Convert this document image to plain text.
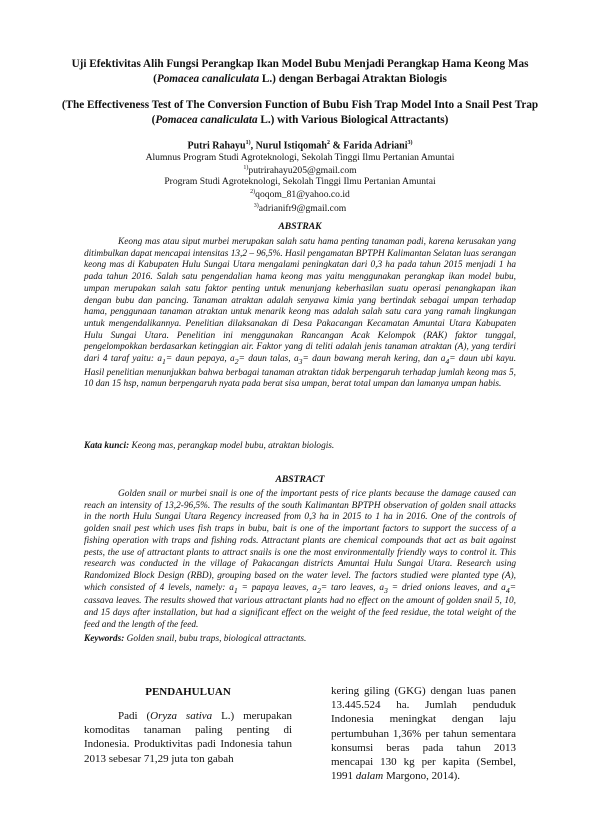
Uji Efektivitas Alih Fungsi Perangkap Ikan Model Bubu Menjadi Perangkap Hama Keong Mas (Pomacea canaliculata L.) dengan Berbagai Atraktan Biologis
(The Effectiveness Test of The Conversion Function of Bubu Fish Trap Model Into a Snail Pest Trap (Pomacea canaliculata L.) with Various Biological Attractants)
Putri Rahayu$^{1)}$, Nurul Istiqomah$^2$ & Farida Adriani$^{3)}$
Alumnus Program Studi Agroteknologi, Sekolah Tinggi Ilmu Pertanian Amuntai
$^{1)}$putrirahayu205@gmail.com
Program Studi Agroteknologi, Sekolah Tinggi Ilmu Pertanian Amuntai
$^{2)}$qoqom_81@yahoo.co.id
$^{3)}$adrianifr9@gmail.com
ABSTRAK

Keong mas atau siput murbei merupakan salah satu hama penting tanaman padi, karena kerusakan yang ditimbulkan dapat mencapai intensitas 13,2 – 96,5%. Hasil pengamatan BPTPH Kalimantan Selatan luas serangan keong mas di Kabupaten Hulu Sungai Utara mengalami peningkatan dari 0,3 ha pada tahun 2015 menjadi 1 ha pada tahun 2016. Salah satu pengendalian hama keong mas yaitu menggunakan perangkap ikan model bubu, umpan merupakan salah satu faktor penting untuk menunjang keberhasilan suatu operasi penangkapan ikan dengan bubu dan pancing. Tanaman atraktan adalah senyawa kimia yang bertindak sebagai umpan terhadap hama, penggunaan tanaman atraktan untuk menarik keong mas adalah salah satu cara yang ramah lingkungan untuk mengendalikannya. Penelitian dilaksanakan di Desa Pakacangan Kecamatan Amuntai Utara Kabupaten Hulu Sungai Utara. Penelitian ini menggunakan Rancangan Acak Kelompok (RAK) faktor tunggal, pengelompokkan berdasarkan ketinggian air. Faktor yang di teliti adalah jenis tanaman atraktan (A), yang terdiri dari 4 taraf yaitu: $a_1=$ daun pepaya, $a_2=$ daun talas, $a_3=$ daun bawang merah kering, dan $a_4=$ daun ubi kayu. Hasil penelitian menunjukkan bahwa berbagai tanaman atraktan tidak berpengaruh terhadap jumlah keong mas 5, 10 dan 15 hsp, namun berpengaruh nyata pada berat sisa umpan, berat total umpan dan lamanya umpan habis.

Kata kunci: Keong mas, perangkap model bubu, atraktan biologis.
ABSTRACT

Golden snail or murbei snail is one of the important pests of rice plants because the damage caused can reach an intensity of 13,2-96,5%. The results of the south Kalimantan BPTPH observation of golden snail attacks in the north Hulu Sungai Utara Regency increased from 0,3 ha in 2015 to 1 ha in 2016. One of the controls of golden snail pest which uses fish traps in bubu, bait is one of the important factors to support the success of a fishing operation with traps and fishing rods. Attractant plants are chemical compounds that act as bait against pests, the use of attractant plants to attract snails is one the most environmentally friendly ways to control it. This research was conducted in the village of Pakacangan districts Amuntai Hulu Sungai Utara. Research using Randomized Block Design (RBD), grouping based on the water level. The factors studied were planted type (A), which consisted of 4 levels, namely: $a_1$ = papaya leaves, $a_2=$ taro leaves, $a_3$ = dried onions leaves, and $a_4=$ cassava leaves. The results showed that various attractant plants had no effect on the amount of golden snail 5, 10, and 15 days after installation, but had a significant effect on the weight of the feed residue, the total weight of the feed and the length of the feed.

Keywords: Golden snail, bubu traps, biological attractants.
PENDAHULUAN

Padi (Oryza sativa L.) merupakan komoditas tanaman paling penting di Indonesia. Produktivitas padi Indonesia tahun 2013 sebesar 71,29 juta ton gabah

kering giling (GKG) dengan luas panen 13.445.524 ha. Jumlah penduduk Indonesia meningkat dengan laju pertumbuhan 1,36% per tahun sementara konsumsi beras pada tahun 2013 mencapai 130 kg per kapita (Sembel, 1991 dalam Margono, 2014).
